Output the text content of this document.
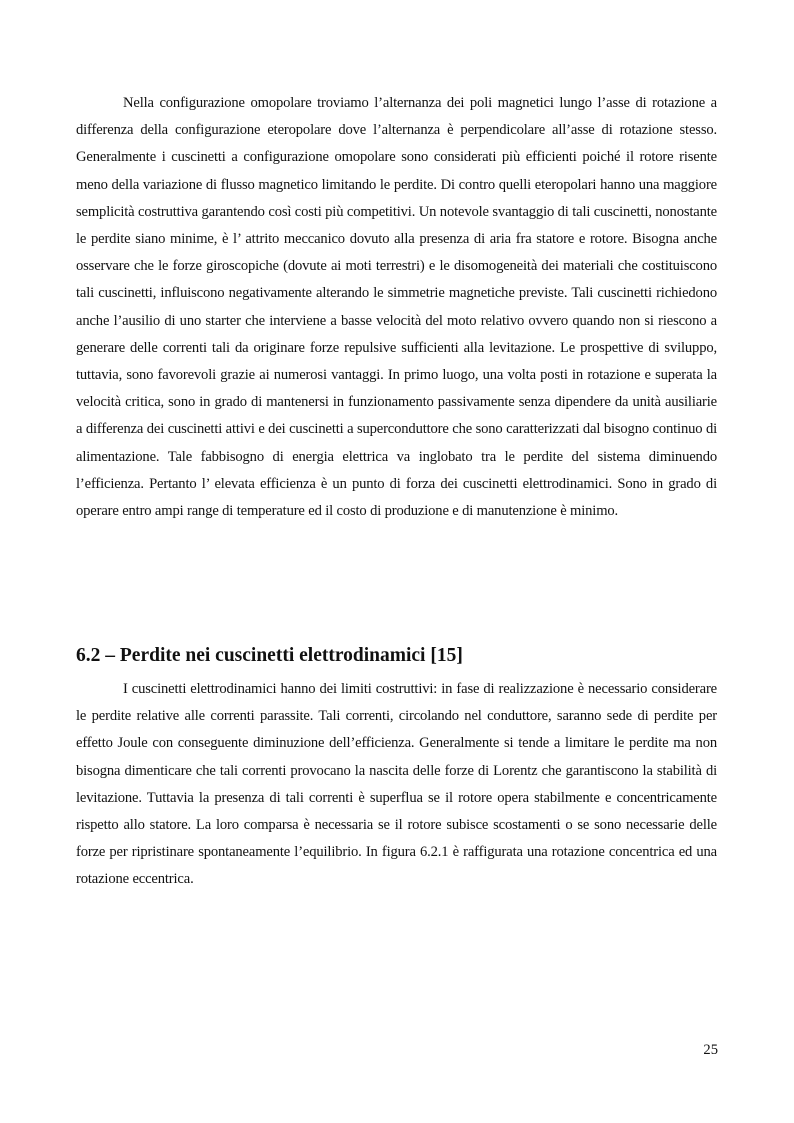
Nella configurazione omopolare troviamo l’alternanza dei poli magnetici lungo l’asse di rotazione a differenza della configurazione eteropolare dove l’alternanza è perpendicolare all’asse di rotazione stesso. Generalmente i cuscinetti a configurazione omopolare sono considerati più efficienti poiché il rotore risente meno della variazione di flusso magnetico limitando le perdite. Di contro quelli eteropolari hanno una maggiore semplicità costruttiva garantendo così costi più competitivi. Un notevole svantaggio di tali cuscinetti, nonostante le perdite siano minime, è l’ attrito meccanico dovuto alla presenza di aria fra statore e rotore. Bisogna anche osservare che le forze giroscopiche (dovute ai moti terrestri) e le disomogeneità dei materiali che costituiscono tali cuscinetti, influiscono negativamente alterando le simmetrie magnetiche previste. Tali cuscinetti richiedono anche l’ausilio di uno starter che interviene a basse velocità del moto relativo ovvero quando non si riescono a generare delle correnti tali da originare forze repulsive sufficienti alla levitazione. Le prospettive di sviluppo, tuttavia, sono favorevoli grazie ai numerosi vantaggi. In primo luogo, una volta posti in rotazione e superata la velocità critica, sono in grado di mantenersi in funzionamento passivamente senza dipendere da unità ausiliarie a differenza dei cuscinetti attivi e dei cuscinetti a superconduttore che sono caratterizzati dal bisogno continuo di alimentazione. Tale fabbisogno di energia elettrica va inglobato tra le perdite del sistema diminuendo l’efficienza. Pertanto l’ elevata efficienza è un punto di forza dei cuscinetti elettrodinamici. Sono in grado di operare entro ampi range di temperature ed il costo di produzione e di manutenzione è minimo.

6.2 – Perdite nei cuscinetti elettrodinamici [15]

I cuscinetti elettrodinamici hanno dei limiti costruttivi: in fase di realizzazione è necessario considerare le perdite relative alle correnti parassite. Tali correnti, circolando nel conduttore, saranno sede di perdite per effetto Joule con conseguente diminuzione dell’efficienza. Generalmente si tende a limitare le perdite ma non bisogna dimenticare che tali correnti provocano la nascita delle forze di Lorentz che garantiscono la stabilità di levitazione. Tuttavia la presenza di tali correnti è superflua se il rotore opera stabilmente e concentricamente rispetto allo statore. La loro comparsa è necessaria se il rotore subisce scostamenti o se sono necessarie delle forze per ripristinare spontaneamente l’equilibrio. In figura 6.2.1 è raffigurata una rotazione concentrica ed una rotazione eccentrica.

25
